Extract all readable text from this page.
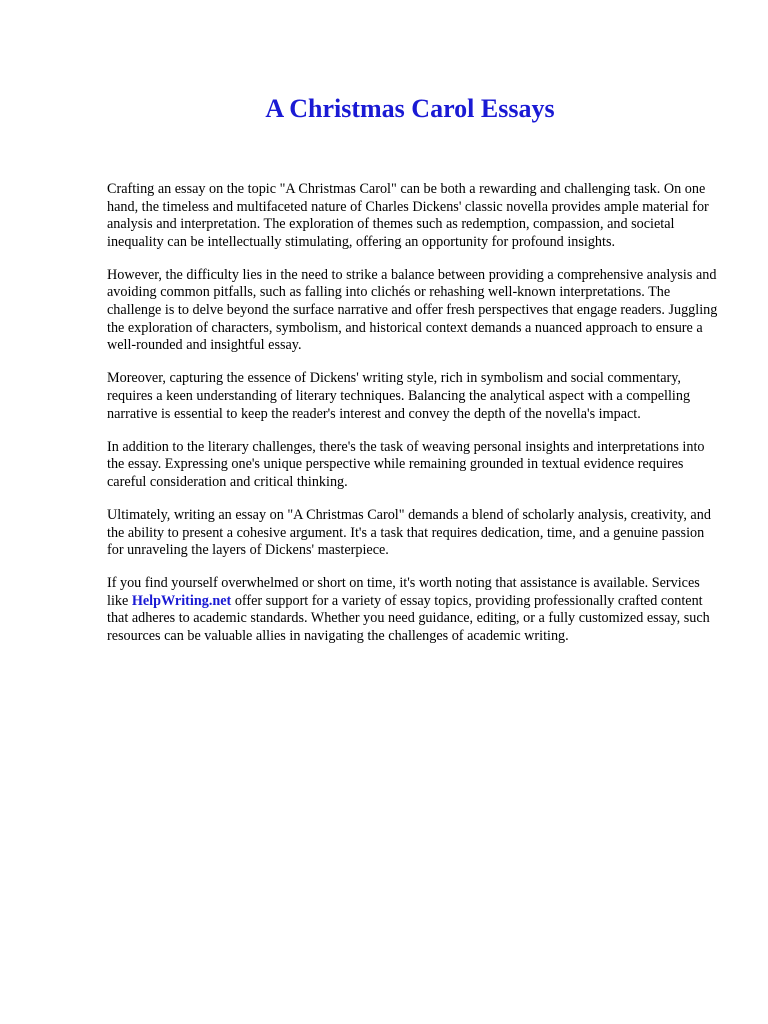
A Christmas Carol Essays

Crafting an essay on the topic "A Christmas Carol" can be both a rewarding and challenging task. On one hand, the timeless and multifaceted nature of Charles Dickens' classic novella provides ample material for analysis and interpretation. The exploration of themes such as redemption, compassion, and societal inequality can be intellectually stimulating, offering an opportunity for profound insights.

However, the difficulty lies in the need to strike a balance between providing a comprehensive analysis and avoiding common pitfalls, such as falling into clichés or rehashing well-known interpretations. The challenge is to delve beyond the surface narrative and offer fresh perspectives that engage readers. Juggling the exploration of characters, symbolism, and historical context demands a nuanced approach to ensure a well-rounded and insightful essay.

Moreover, capturing the essence of Dickens' writing style, rich in symbolism and social commentary, requires a keen understanding of literary techniques. Balancing the analytical aspect with a compelling narrative is essential to keep the reader's interest and convey the depth of the novella's impact.

In addition to the literary challenges, there's the task of weaving personal insights and interpretations into the essay. Expressing one's unique perspective while remaining grounded in textual evidence requires careful consideration and critical thinking.

Ultimately, writing an essay on "A Christmas Carol" demands a blend of scholarly analysis, creativity, and the ability to present a cohesive argument. It's a task that requires dedication, time, and a genuine passion for unraveling the layers of Dickens' masterpiece.

If you find yourself overwhelmed or short on time, it's worth noting that assistance is available. Services like HelpWriting.net offer support for a variety of essay topics, providing professionally crafted content that adheres to academic standards. Whether you need guidance, editing, or a fully customized essay, such resources can be valuable allies in navigating the challenges of academic writing.
